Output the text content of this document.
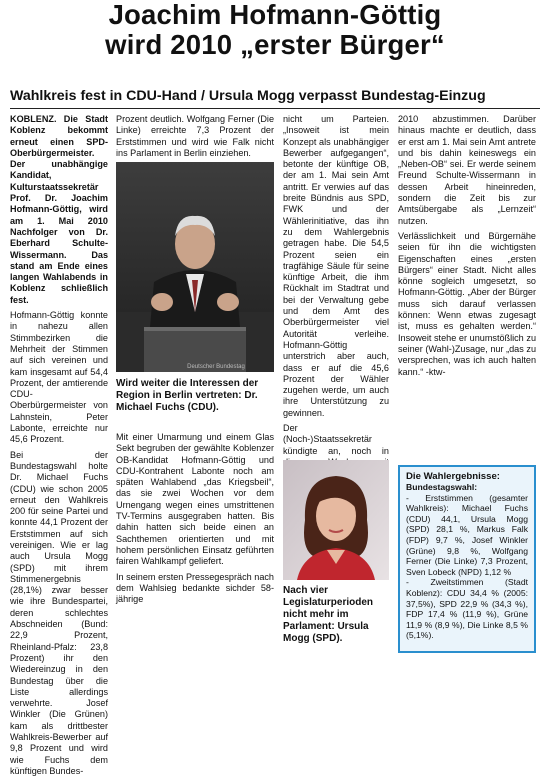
Joachim Hofmann-Göttig
wird 2010 „erster Bürger“
Wahlkreis fest in CDU-Hand / Ursula Mogg verpasst Bundestag-Einzug

KOBLENZ. Die Stadt Koblenz bekommt erneut einen SPD-Oberbürgermeister. Der unabhängige Kandidat, Kulturstaatssekretär Prof. Dr. Joachim Hofmann-Göttig, wird am 1. Mai 2010 Nachfolger von Dr. Eberhard Schulte-Wissermann. Das stand am Ende eines langen Wahlabends in Koblenz schließlich fest.

Hofmann-Göttig konnte in nahezu allen Stimmbezirken die Mehrheit der Stimmen auf sich vereinen und kam insgesamt auf 54,4 Prozent, der amtierende CDU-Oberbürgermeister von Lahnstein, Peter Labonte, erreichte nur 45,6 Prozent.

Bei der Bundestagswahl holte Dr. Michael Fuchs (CDU) wie schon 2005 erneut den Wahlkreis 200 für seine Partei und konnte 44,1 Prozent der Erststimmen auf sich vereinigen. Wie er lag auch Ursula Mogg (SPD) mit ihrem Stimmenergebnis (28,1%) zwar besser wie ihre Bundespartei, deren schlechtes Abschneiden (Bund: 22,9 Prozent, Rheinland-Pfalz: 23,8 Prozent) ihr den Wiedereinzug in den Bundestag über die Liste allerdings verwehrte. Josef Winkler (Die Grünen) kam als drittbester Wahlkreis-Bewerber auf 9,8 Prozent und wird wie Fuchs dem künftigen Bundes-

Prozent deutlich. Wolfgang Ferner (Die Linke) erreichte 7,3 Prozent der Erststimmen und wird wie Falk nicht ins Parlament in Berlin einziehen.

Deutscher Bundestag
Wird weiter die Interessen der Region in Berlin vertreten: Dr. Michael Fuchs (CDU).

Mit einer Umarmung und einem Glas Sekt begruben der gewählte Koblenzer OB-Kandidat Hofmann-Göttig und CDU-Kontrahent Labonte noch am späten Wahlabend „das Kriegsbeil“, das sie zwei Wochen vor dem Urnengang wegen eines umstrittenen TV-Termins ausgegraben hatten. Bis dahin hatten sich beide einen an Sachthemen orientierten und mit hohem persönlichen Einsatz geführten fairen Wahlkampf geliefert.

In seinem ersten Pressegespräch nach dem Wahlsieg bedankte sichder 58-jährige

nicht um Parteien. „Insoweit ist mein Konzept als unabhängiger Bewerber aufgegangen“, betonte der künftige OB, der am 1. Mai sein Amt antritt. Er verwies auf das breite Bündnis aus SPD, FWK und der Wählerinitiative, das ihn zu dem Wahlergebnis getragen habe. Die 54,5 Prozent seien ein tragfähige Säule für seine künftige Arbeit, die ihm Rückhalt im Stadtrat und bei der Verwaltung gebe und dem Amt des Oberbürgermeister viel Autorität verleihe. Hofmann-Göttig unterstrich aber auch, dass er auf die 45,6 Prozent der Wähler zugehen werde, um auch ihre Unterstützung zu gewinnen.

Der (Noch-)Staatssekretär kündigte an, noch in

Nach vier Legislaturperioden nicht mehr im Parlament: Ursula Mogg (SPD).

2010 abzustimmen. Darüber hinaus machte er deutlich, dass er erst am 1. Mai sein Amt antrete und bis dahin keineswegs ein „Neben-OB“ sei. Er werde seinem Freund Schulte-Wissermann in dessen Arbeit hineinreden, sondern die Zeit bis zur Amtsübergabe als „Lernzeit“ nutzen.

Verlässlichkeit und Bürgernähe seien für ihn die wichtigsten Eigenschaften eines „ersten Bürgers“ einer Stadt. Nicht alles könne sogleich umgesetzt, so Hofmann-Göttig. „Aber der Bürger muss sich darauf verlassen können: Wenn etwas zugesagt ist, muss es gehalten werden.“ Insoweit stehe er unumstößlich zu seiner (Wahl-)Zusage, nur „das zu versprechen, was ich auch halten kann.“ -ktw-

Die Wahlergebnisse:
Bundestagswahl:

- Erststimmen (gesamter Wahlkreis): Michael Fuchs (CDU) 44,1, Ursula Mogg (SPD) 28,1 %, Markus Falk (FDP) 9,7 %, Josef Winkler (Grüne) 9,8 %, Wolfgang Ferner (Die Linke) 7,3 Prozent, Sven Lobeck (NPD) 1,12 %

- Zweitstimmen (Stadt Koblenz): CDU 34,4 % (2005: 37,5%), SPD 22,9 % (34,3 %), FDP 17,4 % (11,9 %), Grüne 11,9 % (8,9 %), Die Linke 8,5 % (5,1%).
